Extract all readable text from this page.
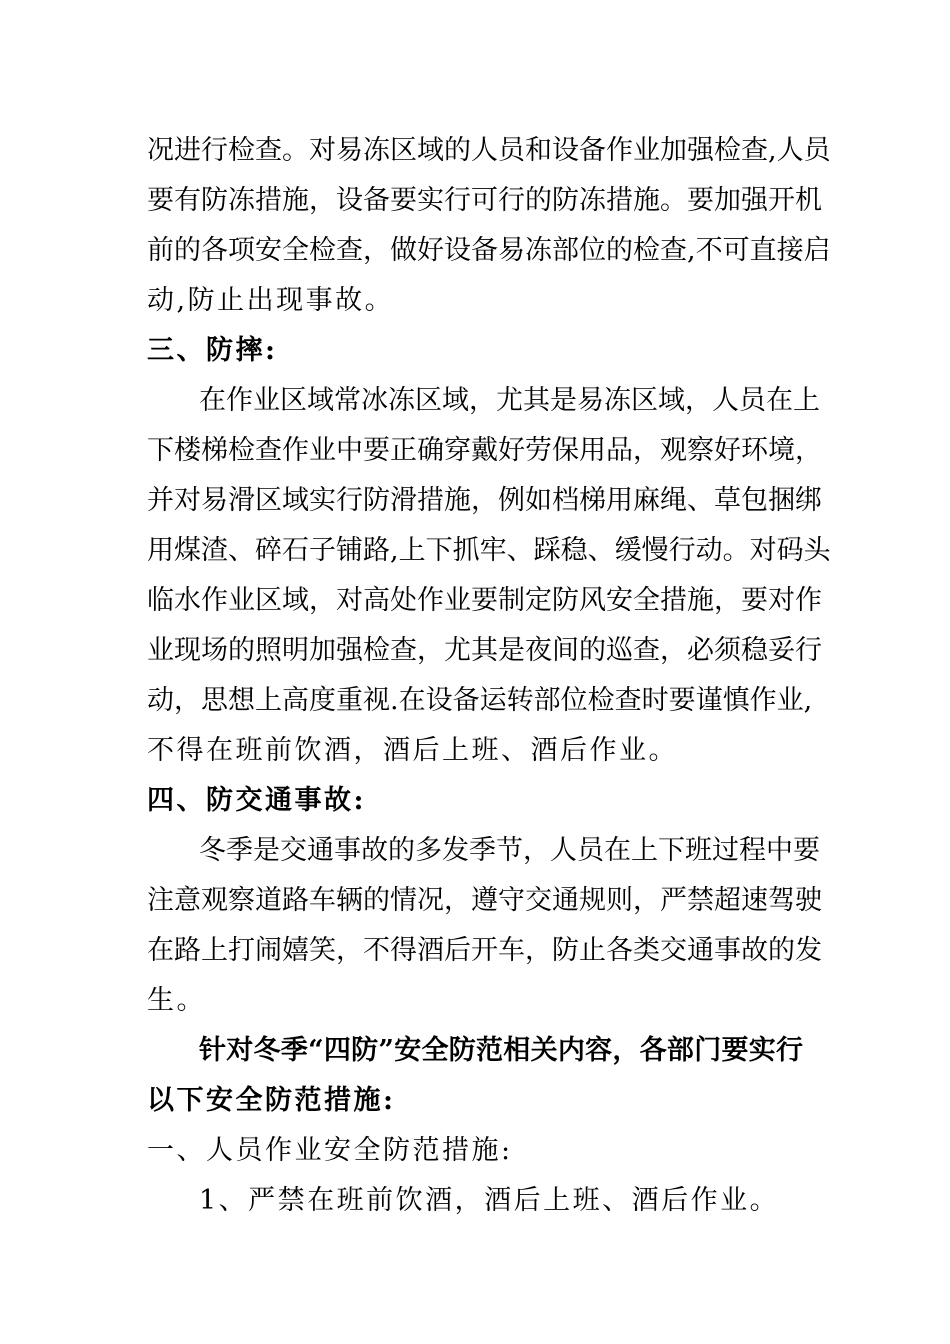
况进行检查。对易冻区域的人员和设备作业加强检查,人员
要有防冻措施，设备要实行可行的防冻措施。要加强开机
前的各项安全检查，做好设备易冻部位的检查,不可直接启
动,防止出现事故。
三、防摔:
在作业区域常冰冻区域，尤其是易冻区域，人员在上
下楼梯检查作业中要正确穿戴好劳保用品，观察好环境，
并对易滑区域实行防滑措施，例如档梯用麻绳、草包捆绑
用煤渣、碎石子铺路,上下抓牢、踩稳、缓慢行动。对码头
临水作业区域，对高处作业要制定防风安全措施，要对作
业现场的照明加强检查，尤其是夜间的巡查，必须稳妥行
动，思想上高度重视.在设备运转部位检查时要谨慎作业,
不得在班前饮酒，酒后上班、酒后作业。
四、防交通事故:
冬季是交通事故的多发季节，人员在上下班过程中要
注意观察道路车辆的情况，遵守交通规则，严禁超速驾驶
在路上打闹嬉笑，不得酒后开车，防止各类交通事故的发
生。
针对冬季“四防”安全防范相关内容，各部门要实行
以下安全防范措施:
一、人员作业安全防范措施:
1、严禁在班前饮酒，酒后上班、酒后作业。
